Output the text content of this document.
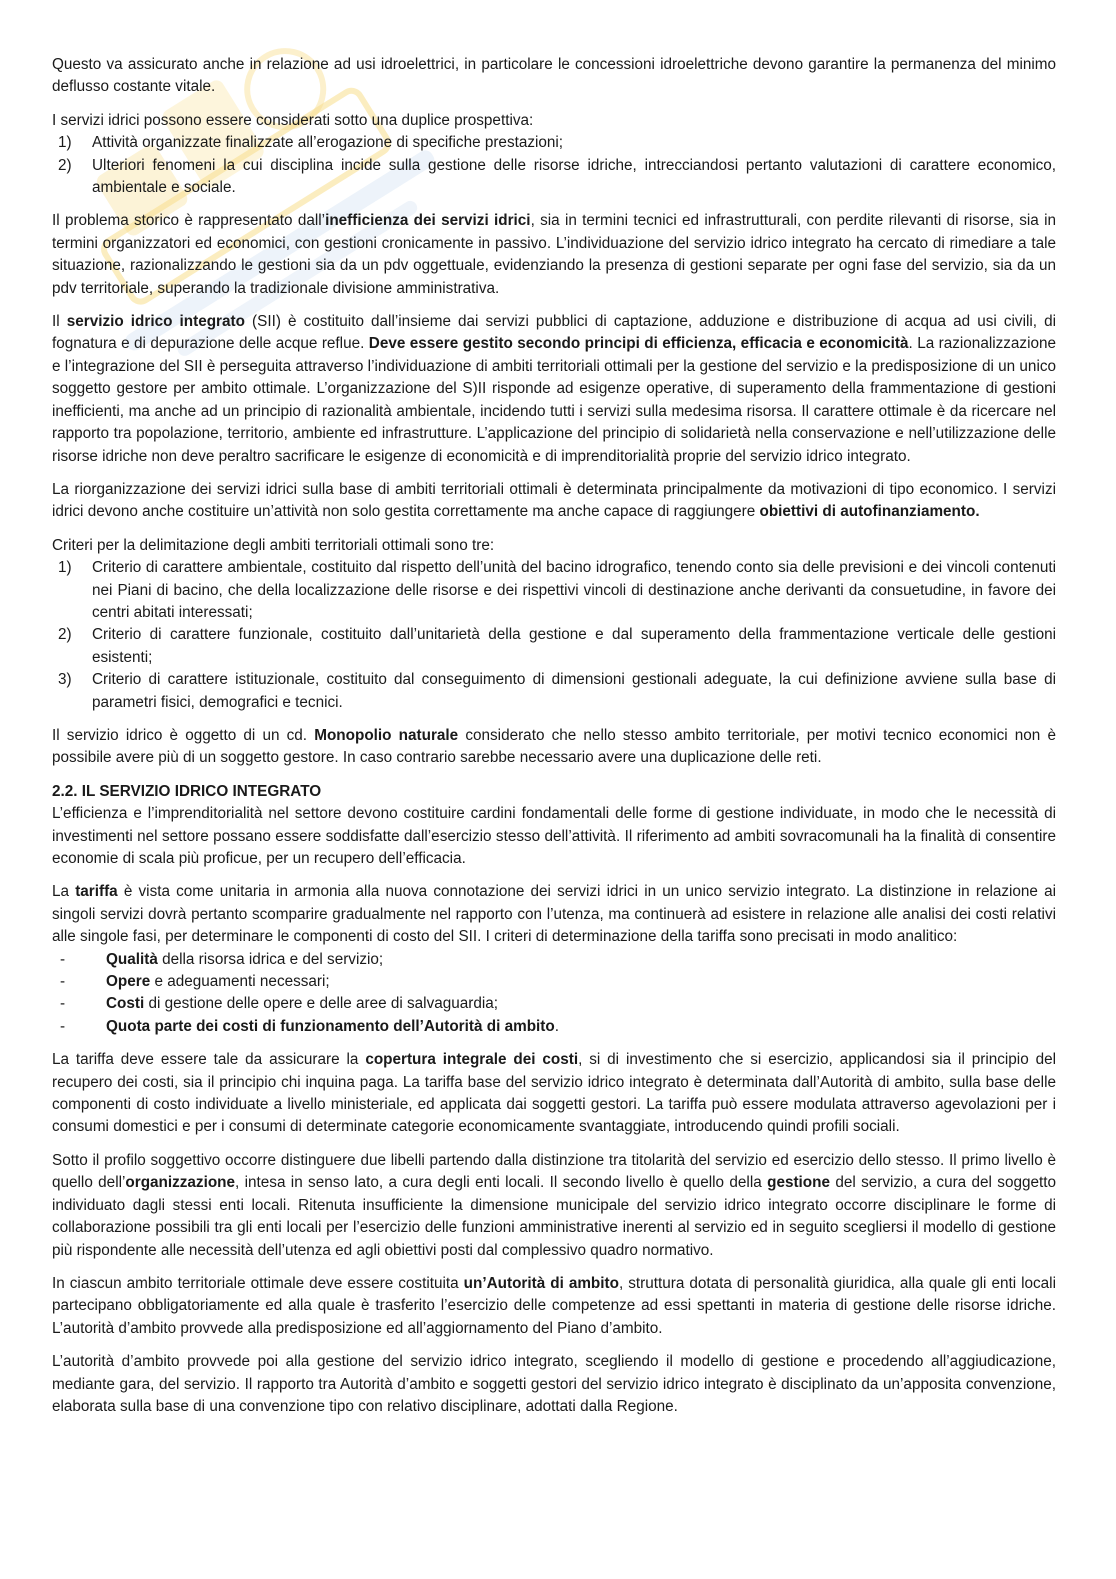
Questo va assicurato anche in relazione ad usi idroelettrici, in particolare le concessioni idroelettriche devono garantire la permanenza del minimo deflusso costante vitale.

I servizi idrici possono essere considerati sotto una duplice prospettiva:

1) Attività organizzate finalizzate all’erogazione di specifiche prestazioni;
2) Ulteriori fenomeni la cui disciplina incide sulla gestione delle risorse idriche, intrecciandosi pertanto valutazioni di carattere economico, ambientale e sociale.

Il problema storico è rappresentato dall’inefficienza dei servizi idrici, sia in termini tecnici ed infrastrutturali, con perdite rilevanti di risorse, sia in termini organizzatori ed economici, con gestioni cronicamente in passivo. L’individuazione del servizio idrico integrato ha cercato di rimediare a tale situazione, razionalizzando le gestioni sia da un pdv oggettuale, evidenziando la presenza di gestioni separate per ogni fase del servizio, sia da un pdv territoriale, superando la tradizionale divisione amministrativa.

Il servizio idrico integrato (SII) è costituito dall’insieme dai servizi pubblici di captazione, adduzione e distribuzione di acqua ad usi civili, di fognatura e di depurazione delle acque reflue. Deve essere gestito secondo principi di efficienza, efficacia e economicità. La razionalizzazione e l’integrazione del SII è perseguita attraverso l’individuazione di ambiti territoriali ottimali per la gestione del servizio e la predisposizione di un unico soggetto gestore per ambito ottimale. L’organizzazione del S)II risponde ad esigenze operative, di superamento della frammentazione di gestioni inefficienti, ma anche ad un principio di razionalità ambientale, incidendo tutti i servizi sulla medesima risorsa. Il carattere ottimale è da ricercare nel rapporto tra popolazione, territorio, ambiente ed infrastrutture. L’applicazione del principio di solidarietà nella conservazione e nell’utilizzazione delle risorse idriche non deve peraltro sacrificare le esigenze di economicità e di imprenditorialità proprie del servizio idrico integrato.

La riorganizzazione dei servizi idrici sulla base di ambiti territoriali ottimali è determinata principalmente da motivazioni di tipo economico. I servizi idrici devono anche costituire un’attività non solo gestita correttamente ma anche capace di raggiungere obiettivi di autofinanziamento.

Criteri per la delimitazione degli ambiti territoriali ottimali sono tre:

1) Criterio di carattere ambientale, costituito dal rispetto dell’unità del bacino idrografico, tenendo conto sia delle previsioni e dei vincoli contenuti nei Piani di bacino, che della localizzazione delle risorse e dei rispettivi vincoli di destinazione anche derivanti da consuetudine, in favore dei centri abitati interessati;
2) Criterio di carattere funzionale, costituito dall’unitarietà della gestione e dal superamento della frammentazione verticale delle gestioni esistenti;
3) Criterio di carattere istituzionale, costituito dal conseguimento di dimensioni gestionali adeguate, la cui definizione avviene sulla base di parametri fisici, demografici e tecnici.

Il servizio idrico è oggetto di un cd. Monopolio naturale considerato che nello stesso ambito territoriale, per motivi tecnico economici non è possibile avere più di un soggetto gestore. In caso contrario sarebbe necessario avere una duplicazione delle reti.

2.2. IL SERVIZIO IDRICO INTEGRATO

L’efficienza e l’imprenditorialità nel settore devono costituire cardini fondamentali delle forme di gestione individuate, in modo che le necessità di investimenti nel settore possano essere soddisfatte dall’esercizio stesso dell’attività. Il riferimento ad ambiti sovracomunali ha la finalità di consentire economie di scala più proficue, per un recupero dell’efficacia.

La tariffa è vista come unitaria in armonia alla nuova connotazione dei servizi idrici in un unico servizio integrato. La distinzione in relazione ai singoli servizi dovrà pertanto scomparire gradualmente nel rapporto con l’utenza, ma continuerà ad esistere in relazione alle analisi dei costi relativi alle singole fasi, per determinare le componenti di costo del SII. I criteri di determinazione della tariffa sono precisati in modo analitico:

-	Qualità della risorsa idrica e del servizio;
-	Opere e adeguamenti necessari;
-	Costi di gestione delle opere e delle aree di salvaguardia;
-	Quota parte dei costi di funzionamento dell’Autorità di ambito.

La tariffa deve essere tale da assicurare la copertura integrale dei costi, si di investimento che si esercizio, applicandosi sia il principio del recupero dei costi, sia il principio chi inquina paga. La tariffa base del servizio idrico integrato è determinata dall’Autorità di ambito, sulla base delle componenti di costo individuate a livello ministeriale, ed applicata dai soggetti gestori. La tariffa può essere modulata attraverso agevolazioni per i consumi domestici e per i consumi di determinate categorie economicamente svantaggiate, introducendo quindi profili sociali.

Sotto il profilo soggettivo occorre distinguere due libelli partendo dalla distinzione tra titolarità del servizio ed esercizio dello stesso. Il primo livello è quello dell’organizzazione, intesa in senso lato, a cura degli enti locali. Il secondo livello è quello della gestione del servizio, a cura del soggetto individuato dagli stessi enti locali. Ritenuta insufficiente la dimensione municipale del servizio idrico integrato occorre disciplinare le forme di collaborazione possibili tra gli enti locali per l’esercizio delle funzioni amministrative inerenti al servizio ed in seguito scegliersi il modello di gestione più rispondente alle necessità dell’utenza ed agli obiettivi posti dal complessivo quadro normativo.

In ciascun ambito territoriale ottimale deve essere costituita un’Autorità di ambito, struttura dotata di personalità giuridica, alla quale gli enti locali partecipano obbligatoriamente ed alla quale è trasferito l’esercizio delle competenze ad essi spettanti in materia di gestione delle risorse idriche. L’autorità d’ambito provvede alla predisposizione ed all’aggiornamento del Piano d’ambito.

L’autorità d’ambito provvede poi alla gestione del servizio idrico integrato, scegliendo il modello di gestione e procedendo all’aggiudicazione, mediante gara, del servizio. Il rapporto tra Autorità d’ambito e soggetti gestori del servizio idrico integrato è disciplinato da un’apposita convenzione, elaborata sulla base di una convenzione tipo con relativo disciplinare, adottati dalla Regione.
